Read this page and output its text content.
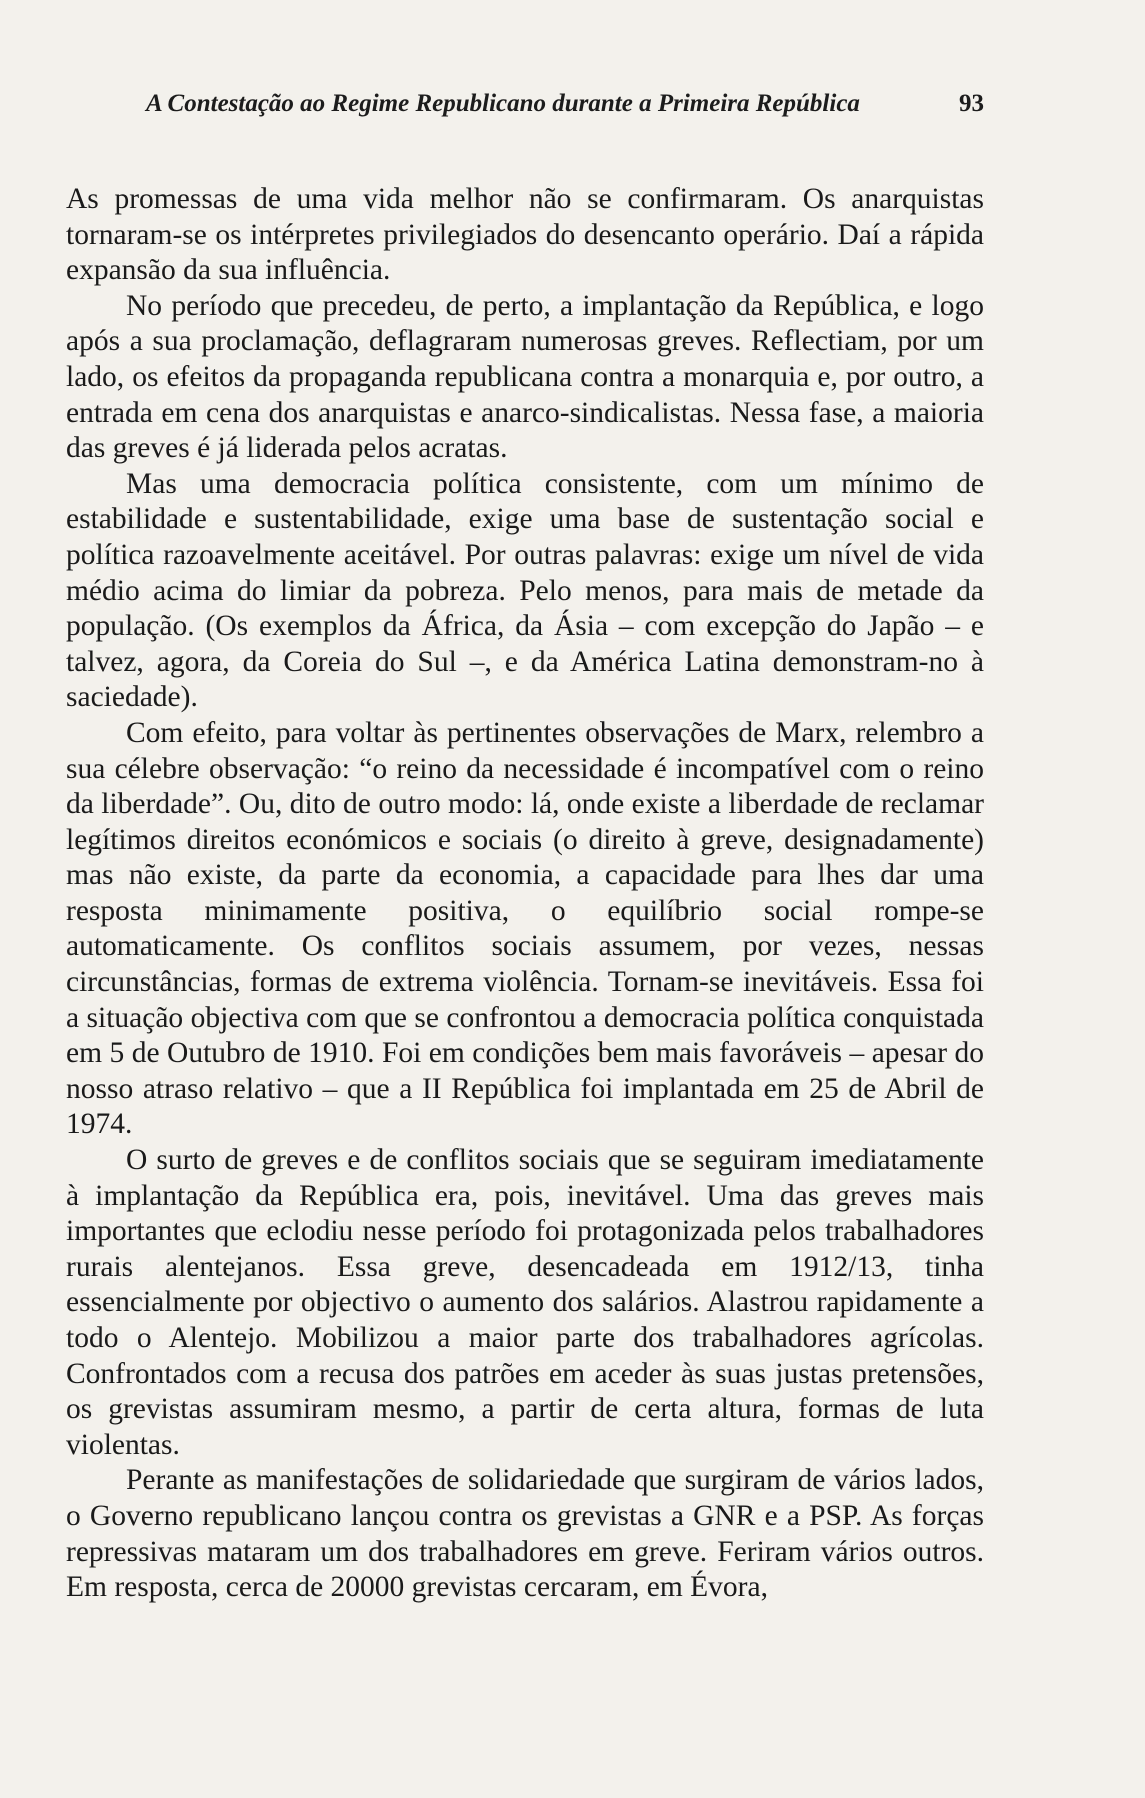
A Contestação ao Regime Republicano durante a Primeira República	93

As promessas de uma vida melhor não se confirmaram. Os anarquistas tornaram-se os intérpretes privilegiados do desencanto operário. Daí a rápida expansão da sua influência.

No período que precedeu, de perto, a implantação da República, e logo após a sua proclamação, deflagraram numerosas greves. Reflectiam, por um lado, os efeitos da propaganda republicana contra a monarquia e, por outro, a entrada em cena dos anarquistas e anarco-sindicalistas. Nessa fase, a maioria das greves é já liderada pelos acratas.

Mas uma democracia política consistente, com um mínimo de estabilidade e sustentabilidade, exige uma base de sustentação social e política razoavelmente aceitável. Por outras palavras: exige um nível de vida médio acima do limiar da pobreza. Pelo menos, para mais de metade da população. (Os exemplos da África, da Ásia – com excepção do Japão – e talvez, agora, da Coreia do Sul –, e da América Latina demonstram-no à saciedade).

Com efeito, para voltar às pertinentes observações de Marx, relembro a sua célebre observação: “o reino da necessidade é incompatível com o reino da liberdade”. Ou, dito de outro modo: lá, onde existe a liberdade de reclamar legítimos direitos económicos e sociais (o direito à greve, designadamente) mas não existe, da parte da economia, a capacidade para lhes dar uma resposta minimamente positiva, o equilíbrio social rompe-se automaticamente. Os conflitos sociais assumem, por vezes, nessas circunstâncias, formas de extrema violência. Tornam-se inevitáveis. Essa foi a situação objectiva com que se confrontou a democracia política conquistada em 5 de Outubro de 1910. Foi em condições bem mais favoráveis – apesar do nosso atraso relativo – que a II República foi implantada em 25 de Abril de 1974.

O surto de greves e de conflitos sociais que se seguiram imediatamente à implantação da República era, pois, inevitável. Uma das greves mais importantes que eclodiu nesse período foi protagonizada pelos trabalhadores rurais alentejanos. Essa greve, desencadeada em 1912/13, tinha essencialmente por objectivo o aumento dos salários. Alastrou rapidamente a todo o Alentejo. Mobilizou a maior parte dos trabalhadores agrícolas. Confrontados com a recusa dos patrões em aceder às suas justas pretensões, os grevistas assumiram mesmo, a partir de certa altura, formas de luta violentas.

Perante as manifestações de solidariedade que surgiram de vários lados, o Governo republicano lançou contra os grevistas a GNR e a PSP. As forças repressivas mataram um dos trabalhadores em greve. Feriram vários outros. Em resposta, cerca de 20000 grevistas cercaram, em Évora,
